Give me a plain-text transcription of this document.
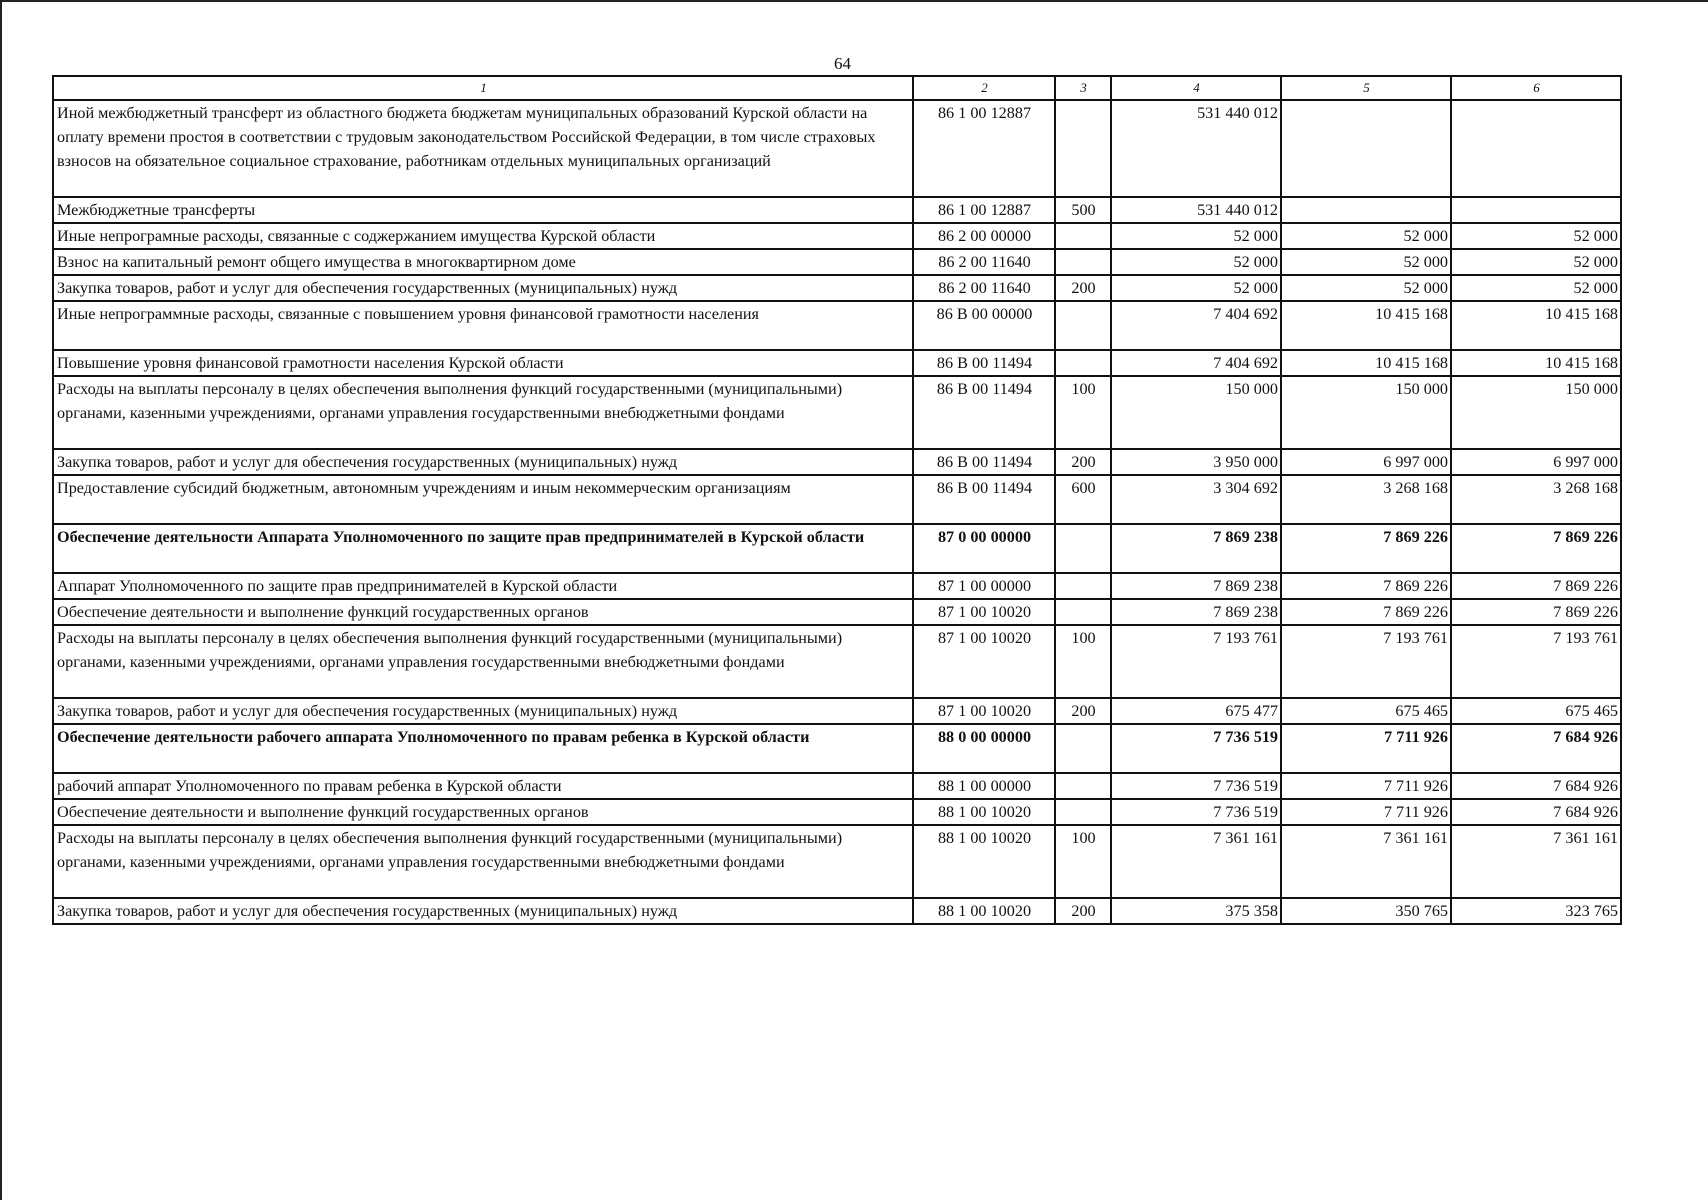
64
1	2	3	4	5	6
Иной межбюджетный трансферт из областного бюджета бюджетам муниципальных образований Курской области на оплату времени простоя в соответствии с трудовым законодательством Российской Федерации, в том числе страховых взносов на обязательное социальное страхование, работникам отдельных муниципальных организаций	86 1 00 12887		531 440 012		
Межбюджетные трансферты	86 1 00 12887	500	531 440 012		
Иные непрограмные расходы, связанные с соджержанием имущества Курской области	86 2 00 00000		52 000	52 000	52 000
Взнос на капитальный ремонт общего имущества в многоквартирном доме	86 2 00 11640		52 000	52 000	52 000
Закупка товаров, работ и услуг для обеспечения государственных (муниципальных) нужд	86 2 00 11640	200	52 000	52 000	52 000
Иные непрограммные расходы, связанные с повышением уровня финансовой грамотности населения	86 В 00 00000		7 404 692	10 415 168	10 415 168
Повышение уровня финансовой грамотности населения Курской области	86 В 00 11494		7 404 692	10 415 168	10 415 168
Расходы на выплаты персоналу в целях обеспечения выполнения функций государственными (муниципальными) органами, казенными учреждениями, органами управления государственными внебюджетными фондами	86 В 00 11494	100	150 000	150 000	150 000
Закупка товаров, работ и услуг для обеспечения государственных (муниципальных) нужд	86 В 00 11494	200	3 950 000	6 997 000	6 997 000
Предоставление субсидий бюджетным, автономным учреждениям и иным некоммерческим организациям	86 В 00 11494	600	3 304 692	3 268 168	3 268 168
Обеспечение деятельности Аппарата Уполномоченного по защите прав предпринимателей в Курской области	87 0 00 00000		7 869 238	7 869 226	7 869 226
Аппарат Уполномоченного по защите прав предпринимателей в Курской области	87 1 00 00000		7 869 238	7 869 226	7 869 226
Обеспечение деятельности и выполнение функций государственных органов	87 1 00 10020		7 869 238	7 869 226	7 869 226
Расходы на выплаты персоналу в целях обеспечения выполнения функций государственными (муниципальными) органами, казенными учреждениями, органами управления государственными внебюджетными фондами	87 1 00 10020	100	7 193 761	7 193 761	7 193 761
Закупка товаров, работ и услуг для обеспечения государственных (муниципальных) нужд	87 1 00 10020	200	675 477	675 465	675 465
Обеспечение деятельности рабочего аппарата Уполномоченного по правам ребенка в Курской области	88 0 00 00000		7 736 519	7 711 926	7 684 926
рабочий аппарат Уполномоченного по правам ребенка в Курской области	88 1 00 00000		7 736 519	7 711 926	7 684 926
Обеспечение деятельности и выполнение функций государственных органов	88 1 00 10020		7 736 519	7 711 926	7 684 926
Расходы на выплаты персоналу в целях обеспечения выполнения функций государственными (муниципальными) органами, казенными учреждениями, органами управления государственными внебюджетными фондами	88 1 00 10020	100	7 361 161	7 361 161	7 361 161
Закупка товаров, работ и услуг для обеспечения государственных (муниципальных) нужд	88 1 00 10020	200	375 358	350 765	323 765
